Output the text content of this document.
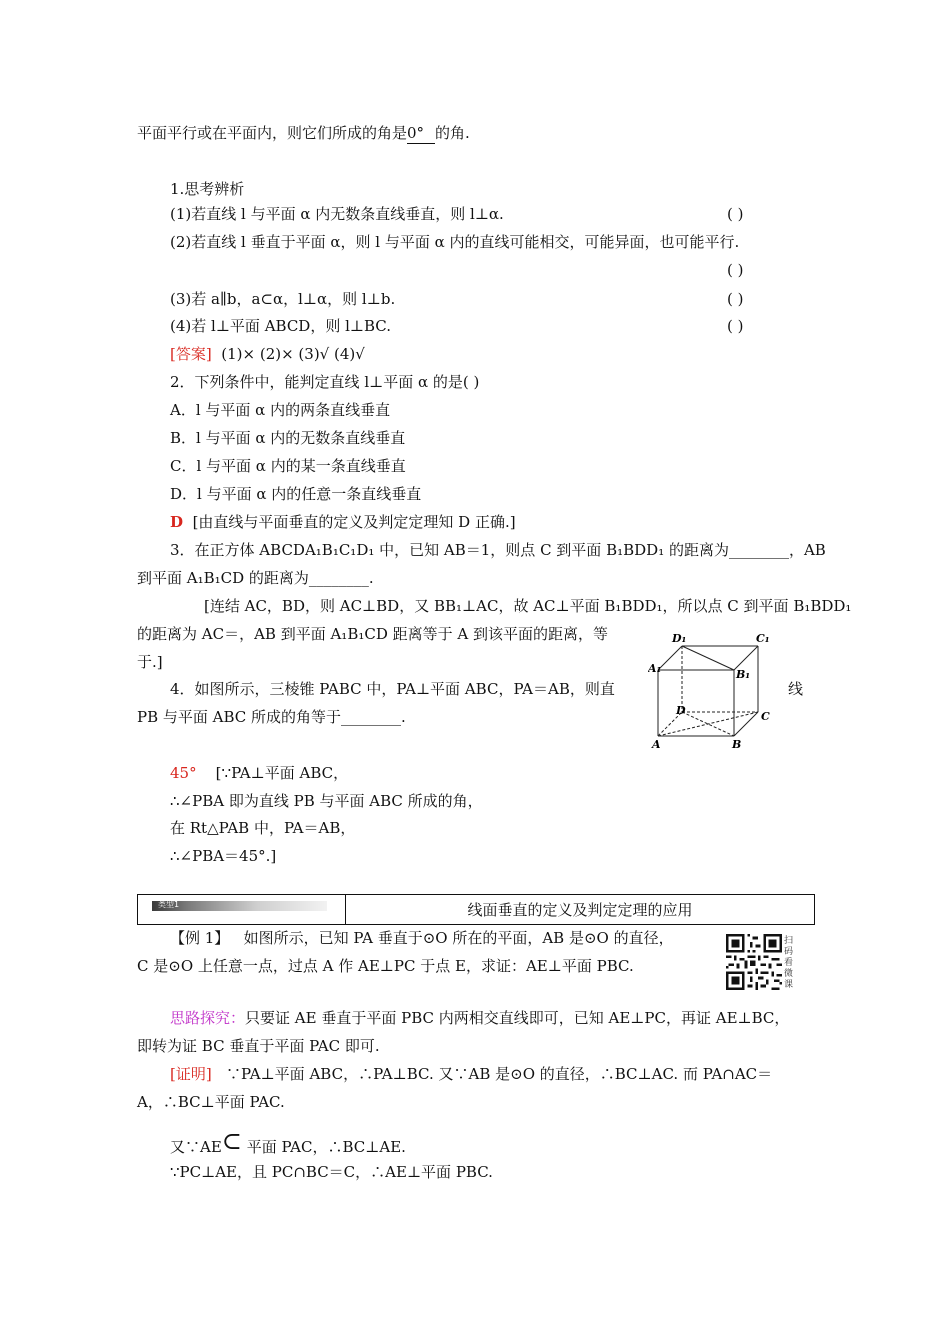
平面平行或在平面内，则它们所成的角是0° 的角.
1.思考辨析
(1)若直线 l 与平面 α 内无数条直线垂直，则 l⊥α.	( )
(2)若直线 l 垂直于平面 α，则 l 与平面 α 内的直线可能相交，可能异面，也可能平行.
( )
(3)若 a∥b，a⊂α，l⊥α，则 l⊥b.	( )
(4)若 l⊥平面 ABCD，则 l⊥BC.	( )
[答案] (1)× (2)× (3)√ (4)√
2．下列条件中，能判定直线 l⊥平面 α 的是( )
A．l 与平面 α 内的两条直线垂直
B．l 与平面 α 内的无数条直线垂直
C．l 与平面 α 内的某一条直线垂直
D．l 与平面 α 内的任意一条直线垂直
D [由直线与平面垂直的定义及判定定理知 D 正确.]
3．在正方体 ABCDA₁B₁C₁D₁ 中，已知 AB＝1，则点 C 到平面 B₁BDD₁ 的距离为________，AB
到平面 A₁B₁CD 的距离为________.
[连结 AC，BD，则 AC⊥BD，又 BB₁⊥AC，故 AC⊥平面 B₁BDD₁，所以点 C 到平面 B₁BDD₁
的距离为 AC＝，AB 到平面 A₁B₁CD 距离等于 A 到该平面的距离，等
于.]
4．如图所示，三棱锥 PABC 中，PA⊥平面 ABC，PA＝AB，则直	线
PB 与平面 ABC 所成的角等于________.
D₁	C₁
A₁	B₁
D	C
A	B
45° [∵PA⊥平面 ABC，
∴∠PBA 即为直线 PB 与平面 ABC 所成的角，
在 Rt△PAB 中，PA＝AB，
∴∠PBA＝45°.]
类型1	线面垂直的定义及判定定理的应用
【例 1】 如图所示，已知 PA 垂直于⊙O 所在的平面，AB 是⊙O 的直径，
C 是⊙O 上任意一点，过点 A 作 AE⊥PC 于点 E，求证：AE⊥平面 PBC.
扫码看微课
思路探究：只要证 AE 垂直于平面 PBC 内两相交直线即可，已知 AE⊥PC，再证 AE⊥BC，
即转为证 BC 垂直于平面 PAC 即可.
[证明] ∵PA⊥平面 ABC，∴PA⊥BC. 又∵AB 是⊙O 的直径，∴BC⊥AC. 而 PA∩AC＝
A，∴BC⊥平面 PAC.
又∵AE⊂ 平面 PAC，∴BC⊥AE.
∵PC⊥AE，且 PC∩BC＝C，∴AE⊥平面 PBC.
